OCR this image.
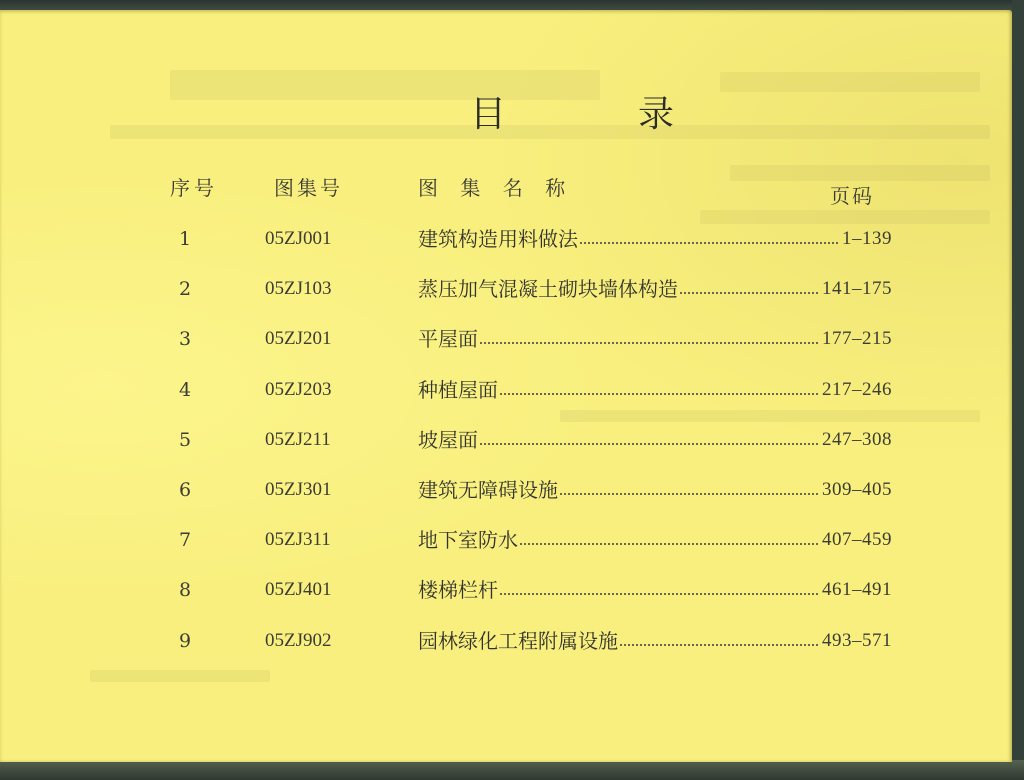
目　录
序号	图集号	图 集 名 称	页码
1	05ZJ001	建筑构造用料做法	1–139
2	05ZJ103	蒸压加气混凝土砌块墙体构造	141–175
3	05ZJ201	平屋面	177–215
4	05ZJ203	种植屋面	217–246
5	05ZJ211	坡屋面	247–308
6	05ZJ301	建筑无障碍设施	309–405
7	05ZJ311	地下室防水	407–459
8	05ZJ401	楼梯栏杆	461–491
9	05ZJ902	园林绿化工程附属设施	493–571
